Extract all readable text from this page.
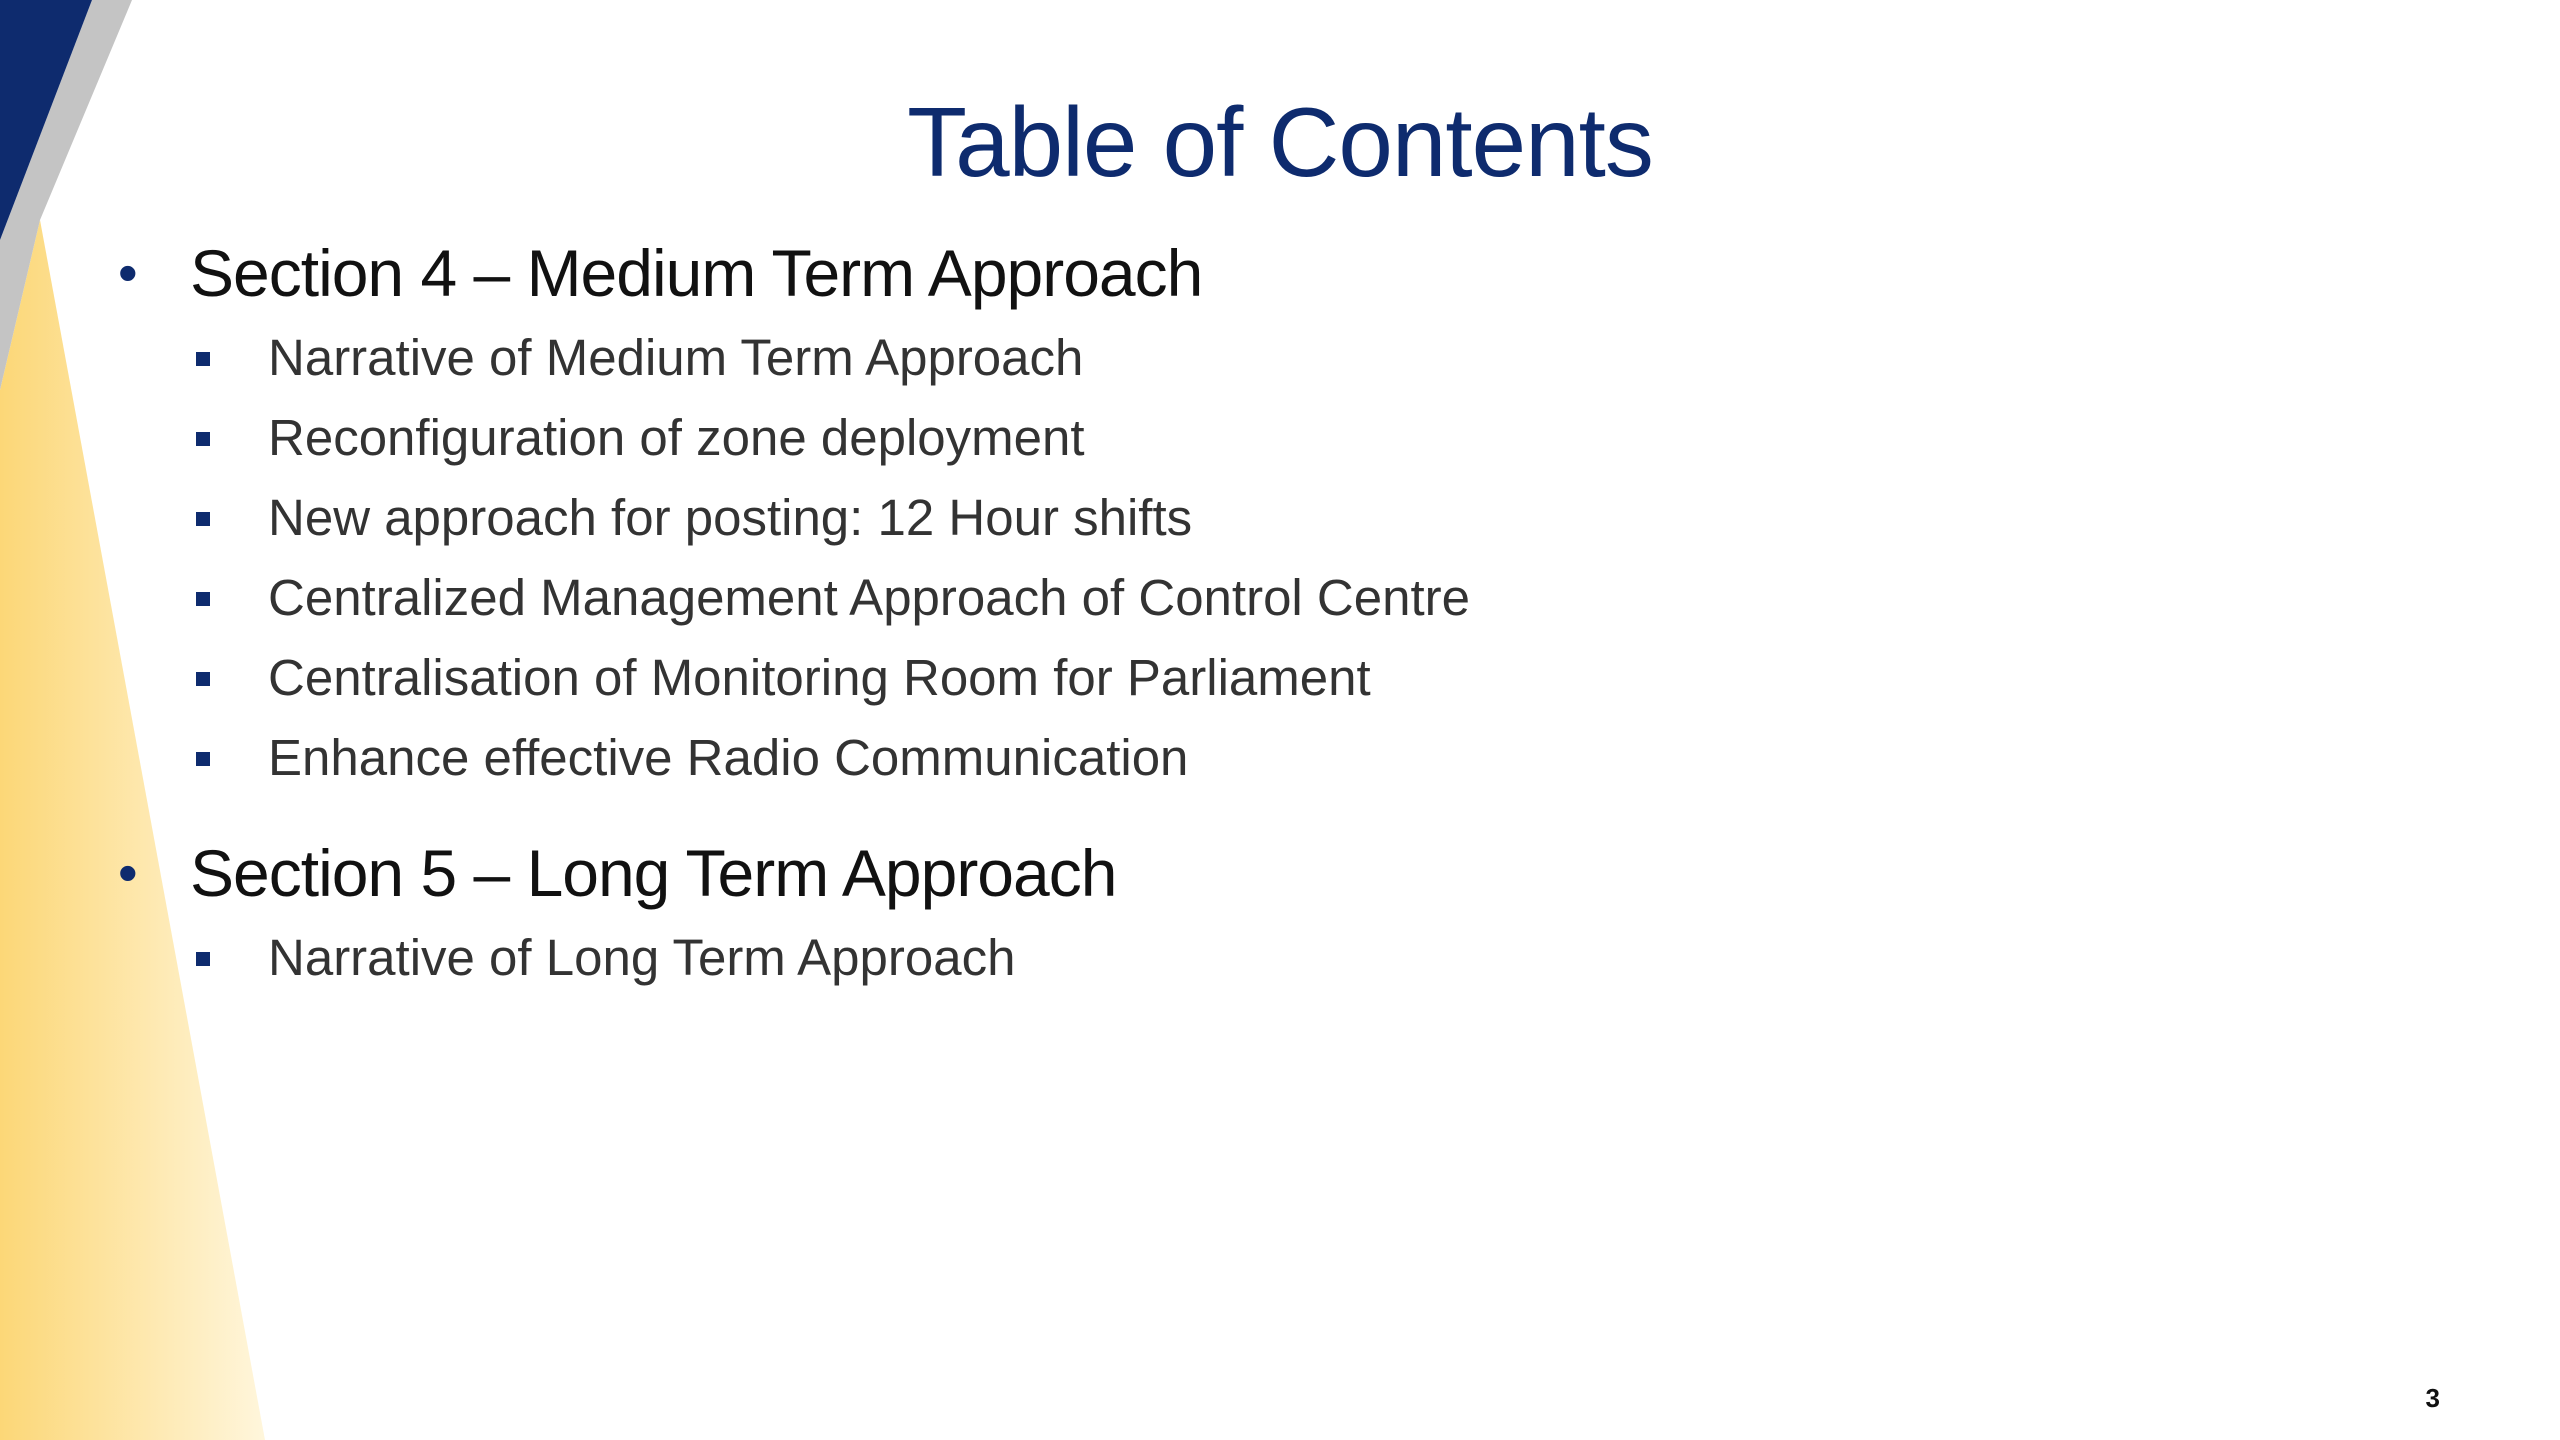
Table of Contents
• Section 4 – Medium Term Approach
Narrative of Medium Term Approach
Reconfiguration of zone deployment
New approach for posting: 12 Hour shifts
Centralized Management Approach of Control Centre
Centralisation of Monitoring Room for Parliament
Enhance effective Radio Communication
• Section 5 – Long Term Approach
Narrative of Long Term Approach
3
